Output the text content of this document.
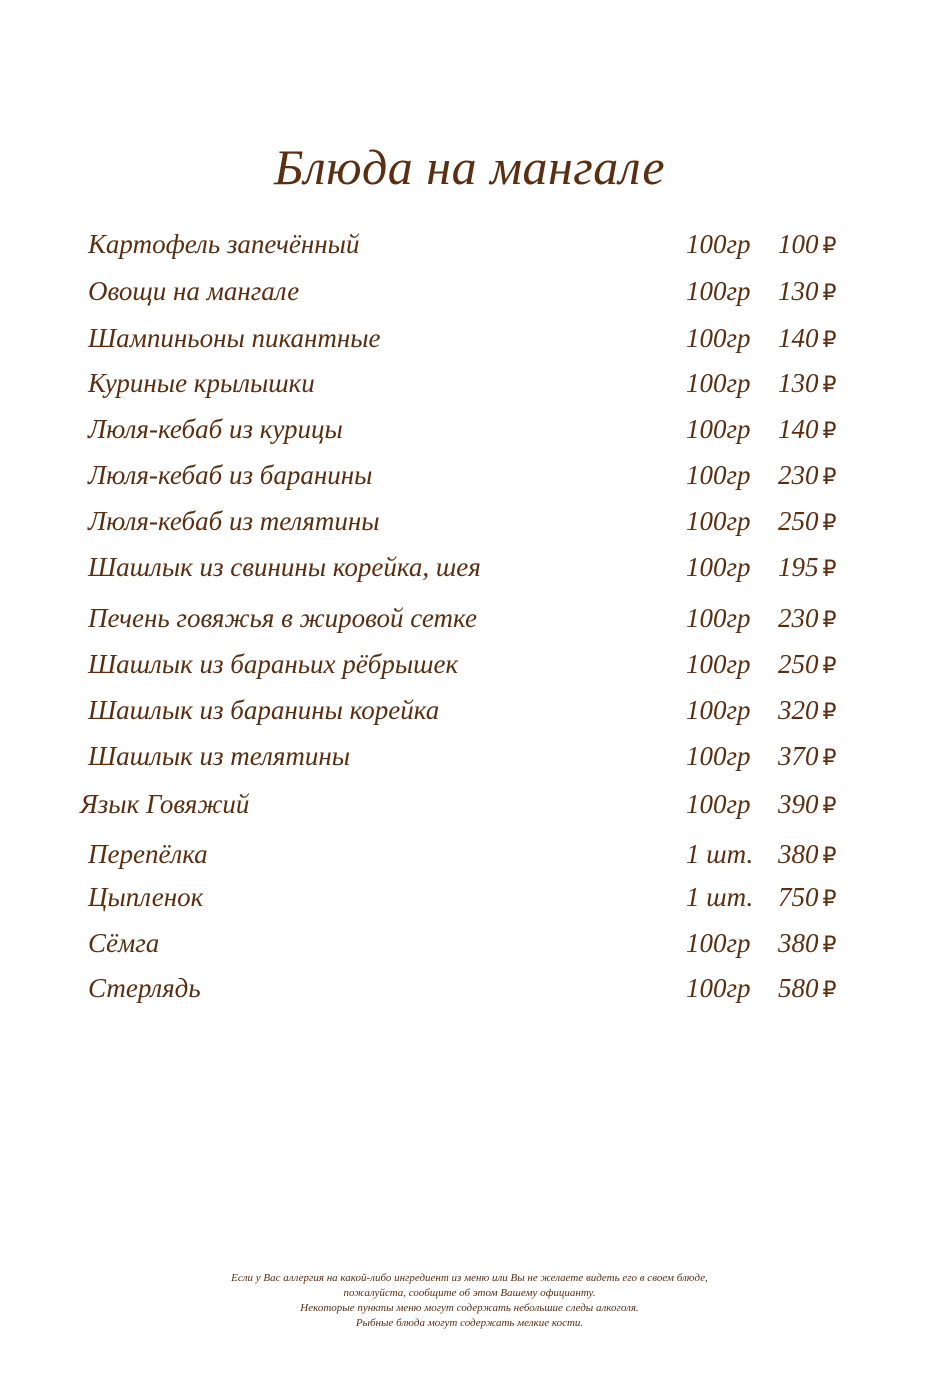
Блюда на мангале
Картофель запечённый	100гр 100 ₽
Овощи на мангале	100гр 130 ₽
Шампиньоны пикантные	100гр 140 ₽
Куриные крылышки	100гр 130 ₽
Люля-кебаб из курицы	100гр 140 ₽
Люля-кебаб из баранины	100гр 230 ₽
Люля-кебаб из телятины	100гр 250 ₽
Шашлык из свинины корейка, шея	100гр 195 ₽
Печень говяжья в жировой сетке	100гр 230 ₽
Шашлык из бараньих рёбрышек	100гр 250 ₽
Шашлык из баранины корейка	100гр 320 ₽
Шашлык из телятины	100гр 370 ₽
Язык Говяжий	100гр 390 ₽
Перепёлка	1 шт. 380 ₽
Цыпленок	1 шт. 750 ₽
Сёмга	100гр 380 ₽
Стерлядь	100гр 580 ₽
Если у Вас аллергия на какой-либо ингредиент из меню или Вы не желаете видеть его в своем блюде,
пожалуйста, сообщите об этом Вашему официанту.
Некоторые пункты меню могут содержать небольшие следы алкоголя.
Рыбные блюда могут содержать мелкие кости.
